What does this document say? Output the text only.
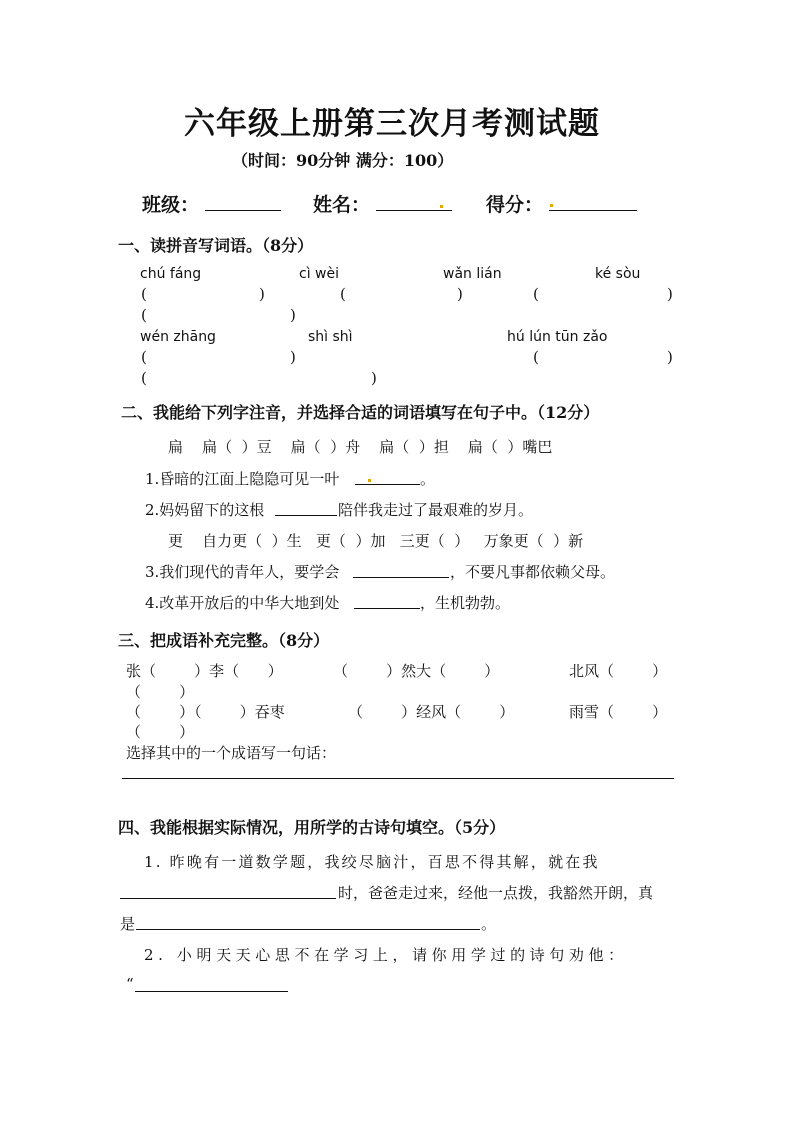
六年级上册第三次月考测试题
（时间：90分钟 满分：100）
班级：	姓名：	得分：
一、读拼音写词语。（8分）
chú fáng	cì wèi	wǎn lián	ké sòu
(	)	(	)	(	)
(	)
wén zhāng	shì shì	hú lún tūn zǎo
(	)	(	)
(	)
二、我能给下列字注音，并选择合适的词语填写在句子中。（12分）
扁    扁（  ）豆    扁（  ）舟    扁（  ）担    扁（  ）嘴巴
1.昏暗的江面上隐隐可见一叶	。
2.妈妈留下的这根	陪伴我走过了最艰难的岁月。
更    自力更（  ）生   更（  ）加   三更（  ）   万象更（  ）新
3.我们现代的青年人，要学会	，不要凡事都依赖父母。
4.改革开放后的中华大地到处	，生机勃勃。
三、把成语补充完整。（8分）
张（        ）李（      ）	（        ）然大（        ）	北风（        ）
（        ）
（        ）（        ）吞枣	（        ）经风（        ）	雨雪（        ）
（        ）
选择其中的一个成语写一句话：
四、我能根据实际情况，用所学的古诗句填空。（5分）
1. 昨晚有一道数学题，我绞尽脑汁，百思不得其解，就在我
时，爸爸走过来，经他一点拨，我豁然开朗，真
是	。
2. 小明天天心思不在学习上，请你用学过的诗句劝他：
“
